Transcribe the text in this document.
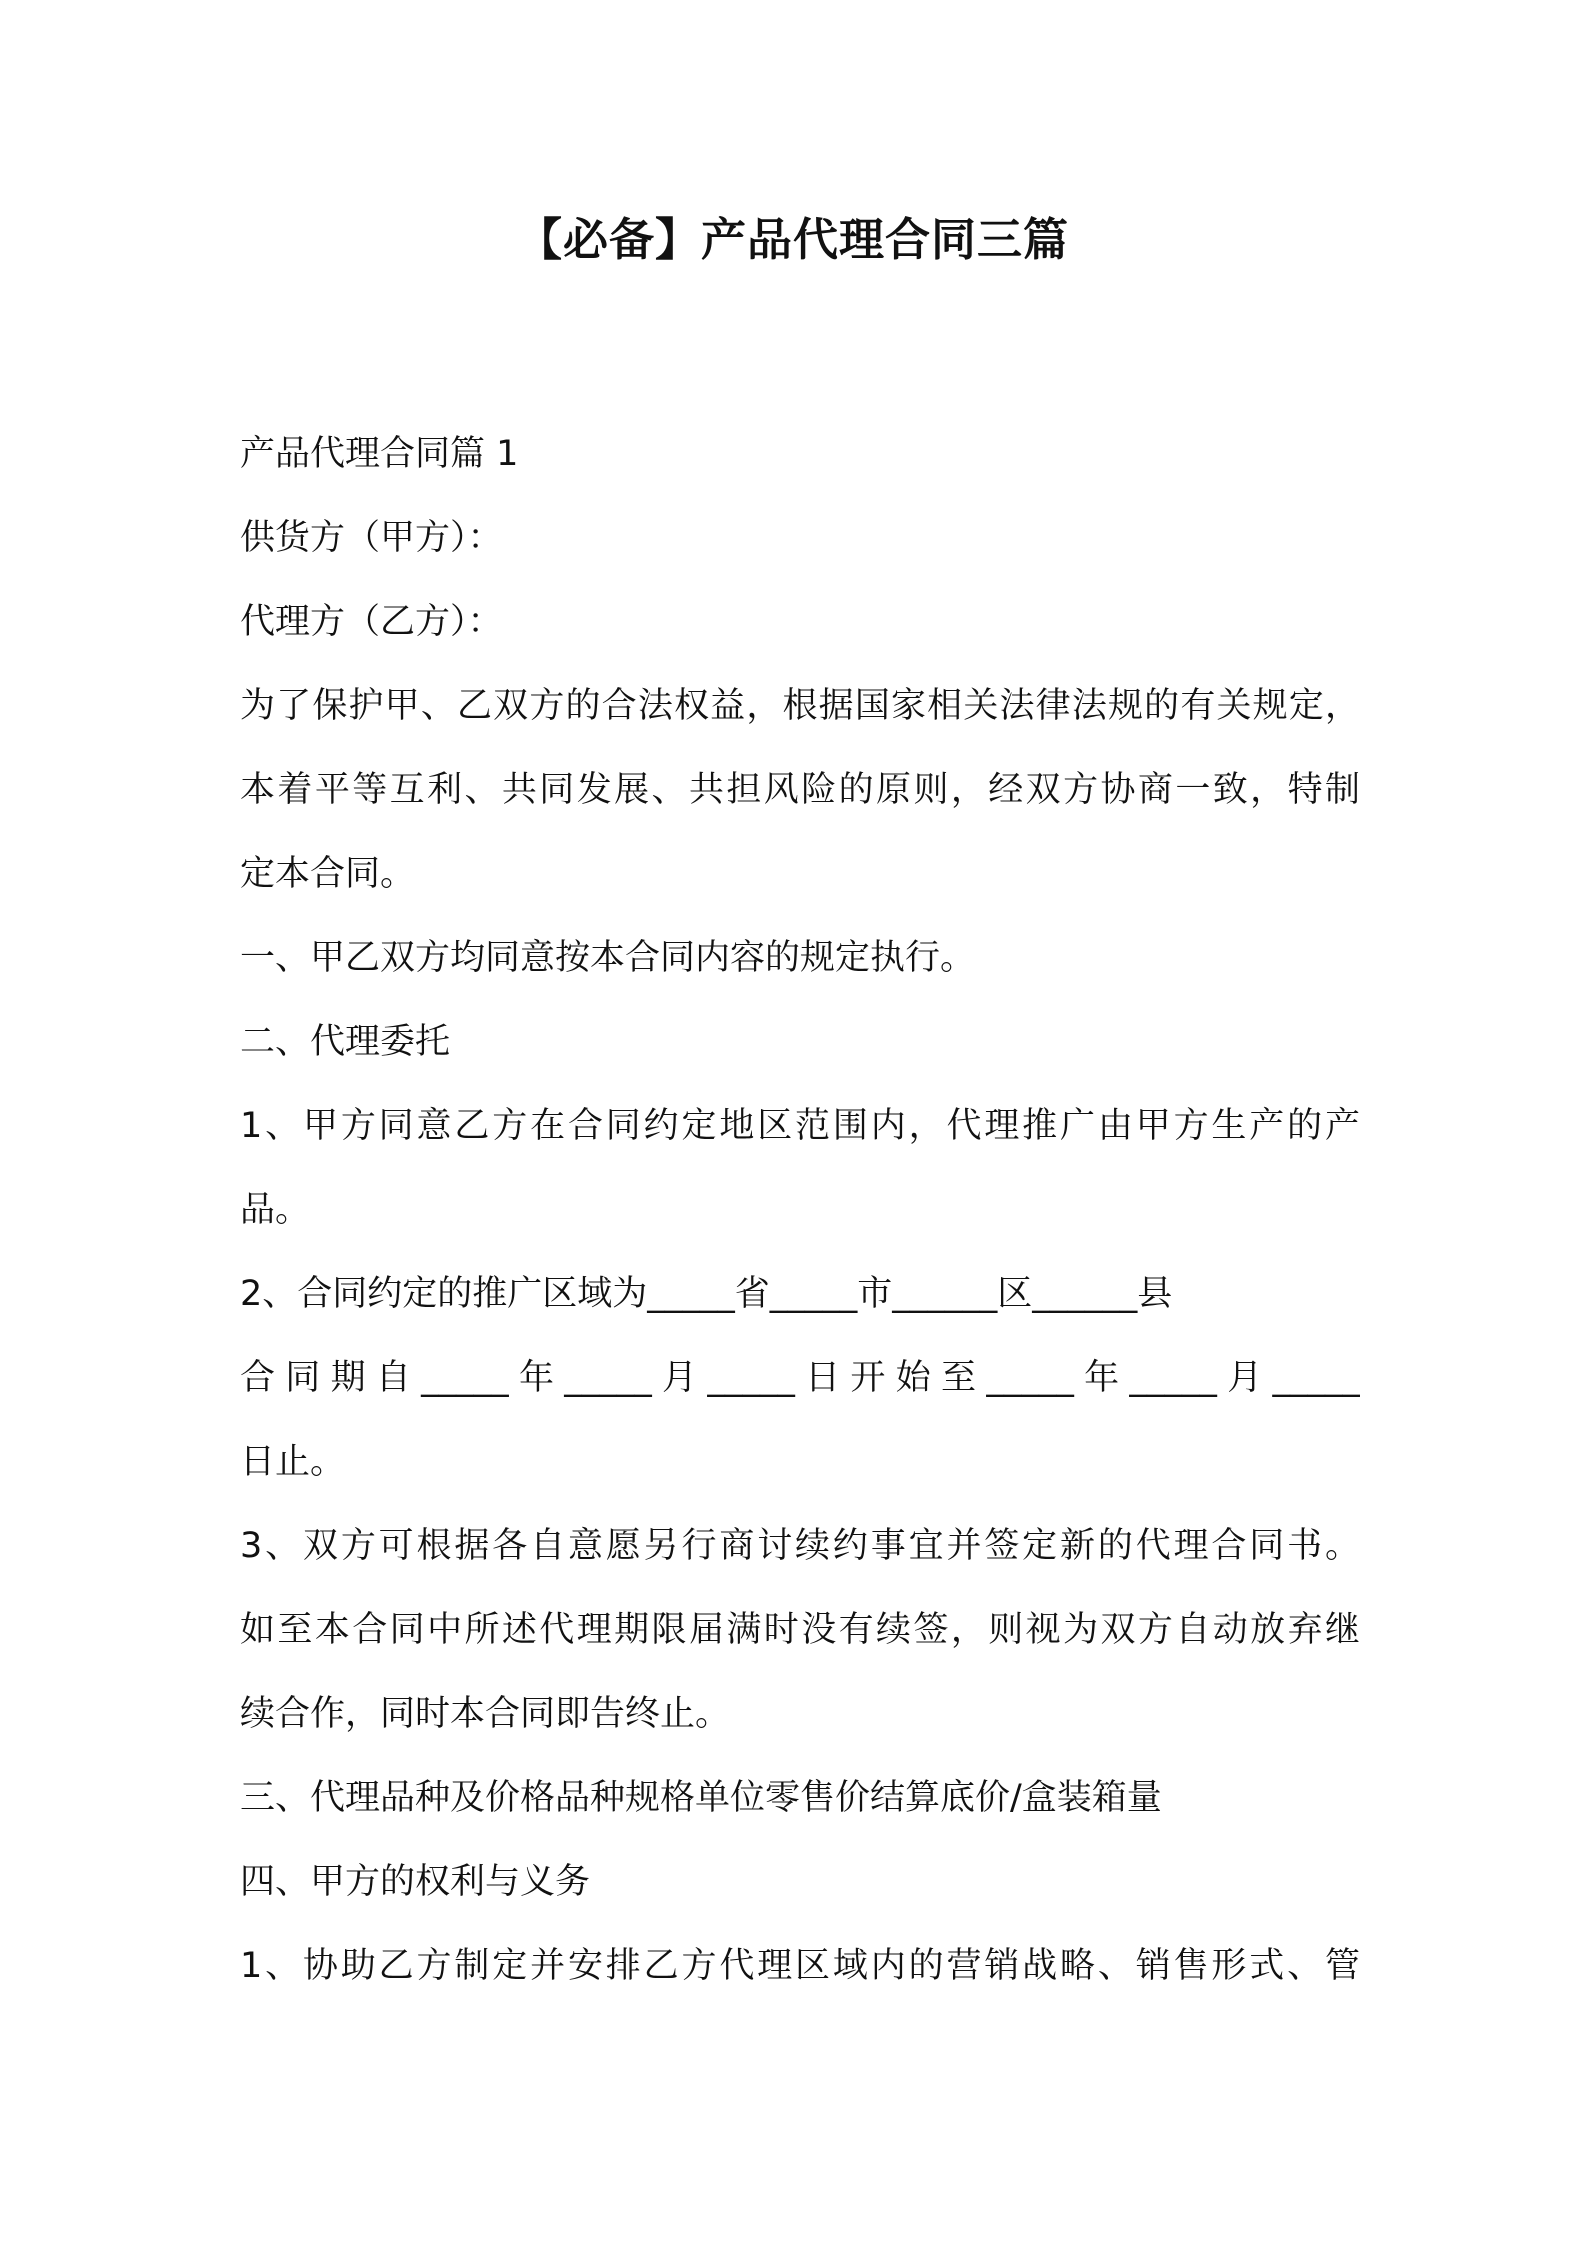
【必备】产品代理合同三篇
产品代理合同篇 1
供货方（甲方）：
代理方（乙方）：
为了保护甲、乙双方的合法权益，根据国家相关法律法规的有关规定，
本着平等互利、共同发展、共担风险的原则，经双方协商一致，特制
定本合同。
一、甲乙双方均同意按本合同内容的规定执行。
二、代理委托
1、甲方同意乙方在合同约定地区范围内，代理推广由甲方生产的产
品。
2、合同约定的推广区域为_____省_____市______区______县
合同期自_____年_____月_____日开始至_____年_____月_____
日止。
3、双方可根据各自意愿另行商讨续约事宜并签定新的代理合同书。
如至本合同中所述代理期限届满时没有续签，则视为双方自动放弃继
续合作，同时本合同即告终止。
三、代理品种及价格品种规格单位零售价结算底价/盒装箱量
四、甲方的权利与义务
1、协助乙方制定并安排乙方代理区域内的营销战略、销售形式、管
